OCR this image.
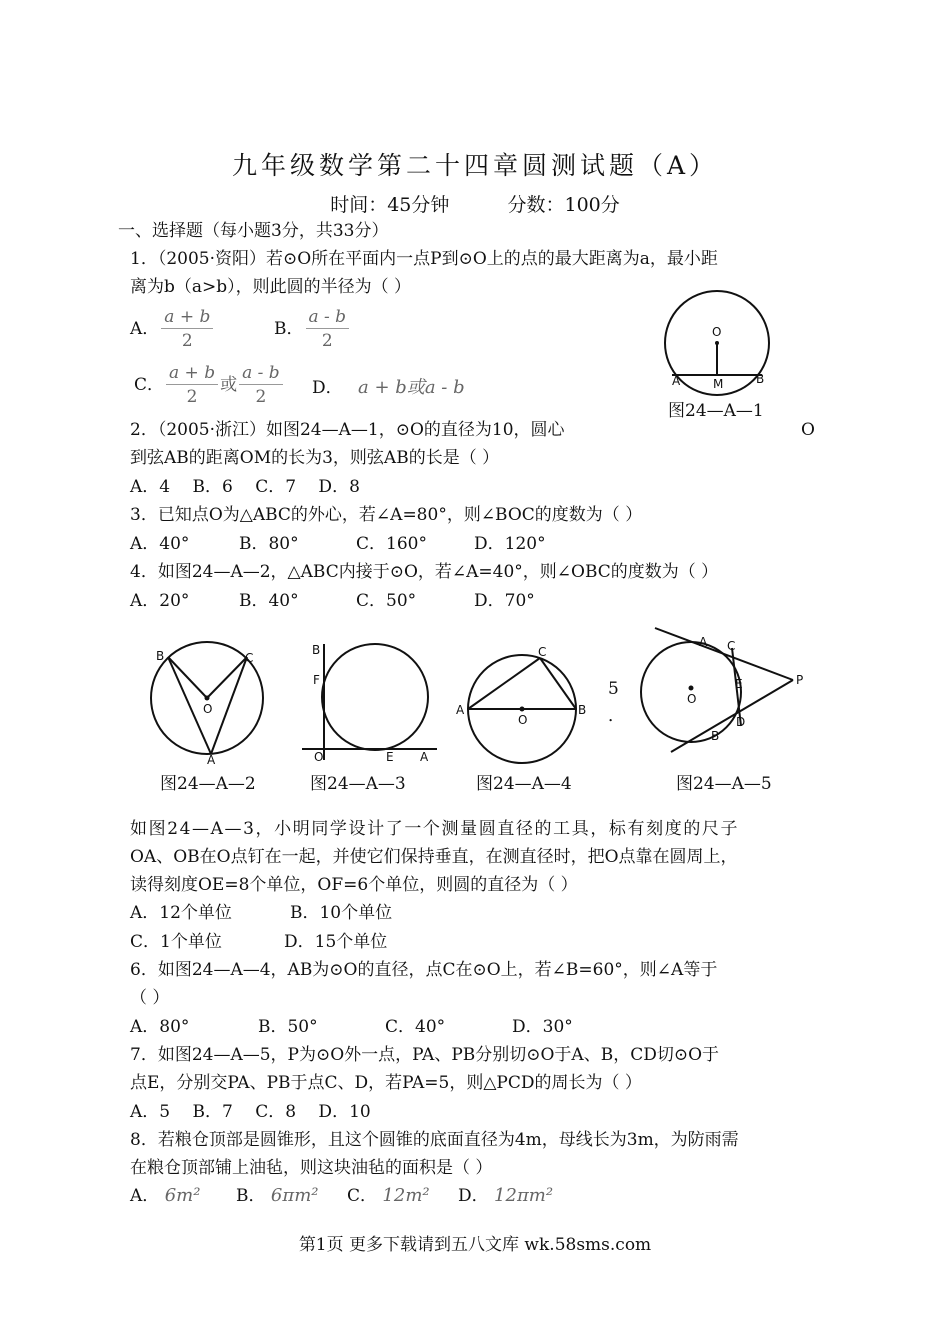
九年级数学第二十四章圆测试题（A）
时间：45分钟	分数：100分
一、选择题（每小题3分，共33分）
1．（2005·资阳）若⊙O所在平面内一点P到⊙O上的点的最大距离为a，最小距
离为b（a>b），则此圆的半径为（ ）
A． $\frac{a + b}{2}$	B． $\frac{a - b}{2}$
C． $\frac{a + b}{2}$ 或 $\frac{a - b}{2}$ D． a + b或a - b
O
A	B
M
图24—A—1
2．（2005·浙江）如图24—A—1，⊙O的直径为10，圆心	O
到弦AB的距离OM的长为3，则弦AB的长是（ ）
A．4　 B．6　 C．7　 D．8
3．已知点O为△ABC的外心，若∠A=80°，则∠BOC的度数为（ ）
A．40°	B．80°	C．160°	D．120°
4．如图24—A—2，△ABC内接于⊙O，若∠A=40°，则∠OBC的度数为（ ）
A．20°	B．40°	C．50°	D．70°
B	C
O
A
图24—A—2
B
F
O	E A
图24—A—3
C
A
O
B
图24—A—4
5
．
A C
O
E	P
D
B
图24—A—5
如图24—A—3，小明同学设计了一个测量圆直径的工具，标有刻度的尺子
OA、OB在O点钉在一起，并使它们保持垂直，在测直径时，把O点靠在圆周上，
读得刻度OE=8个单位，OF=6个单位，则圆的直径为（ ）
A．12个单位	B．10个单位
C．1个单位	D．15个单位
6．如图24—A—4，AB为⊙O的直径，点C在⊙O上，若∠B=60°，则∠A等于
（ ）
A．80°	B．50°	C．40°	D．30°
7．如图24—A—5，P为⊙O外一点，PA、PB分别切⊙O于A、B，CD切⊙O于
点E，分别交PA、PB于点C、D，若PA=5，则△PCD的周长为（ ）
A．5　 B．7　 C．8　 D．10
8．若粮仓顶部是圆锥形，且这个圆锥的底面直径为4m，母线长为3m，为防雨需
在粮仓顶部铺上油毡，则这块油毡的面积是（ ）
A． 6m² B． 6πm² C． 12m² D． 12πm²
第1页 更多下载请到五八文库 wk.58sms.com
